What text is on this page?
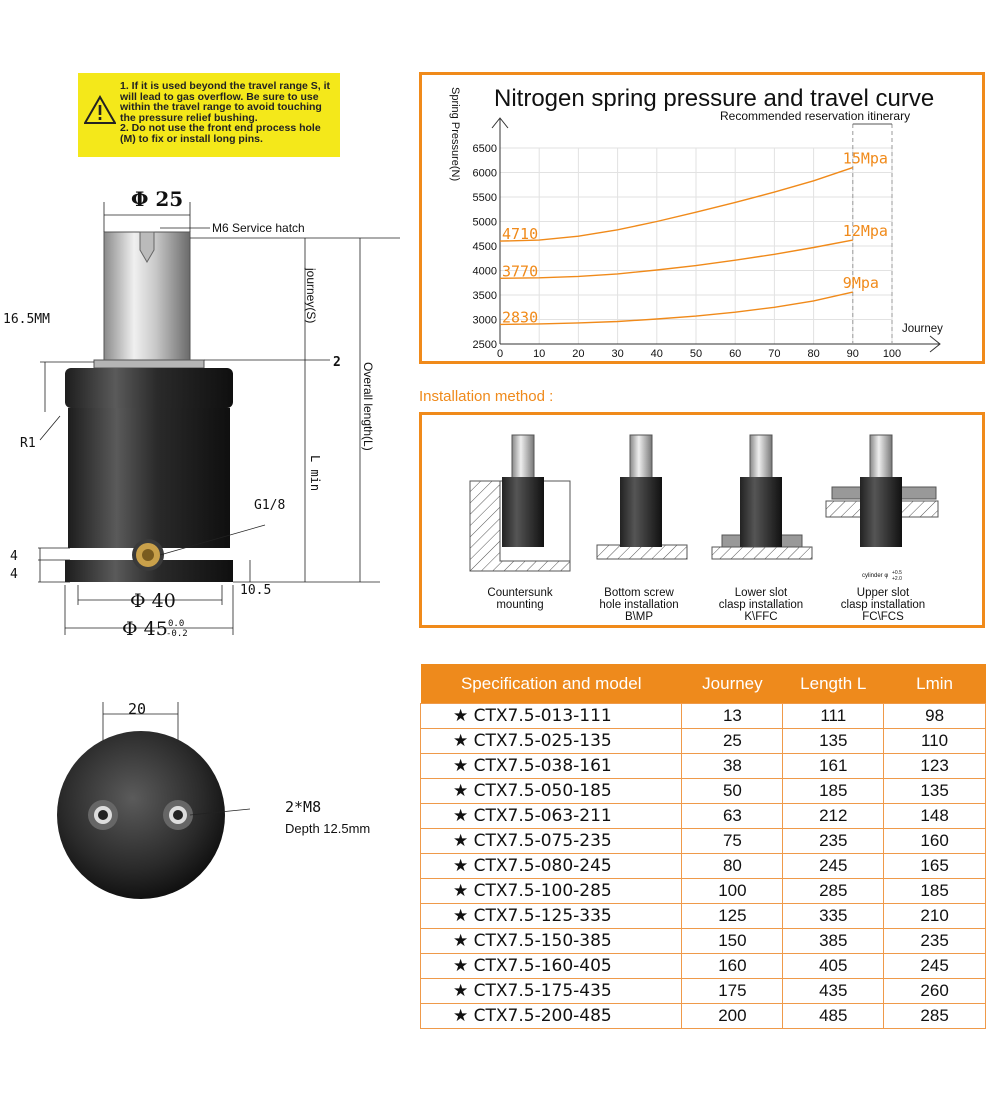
1. If it is used beyond the travel range S, it
will lead to gas overflow. Be sure to use
within the travel range to avoid touching
the pressure relief bushing.
2. Do not use the front end process hole
(M) to fix or install long pins.
Φ 25
M6 Service hatch
journey(S)
Overall length(L)
L min
16.5MM
R1
G1/8
2
4
4
10.5
Φ 40
Φ 45 0.0
-0.2
20
2*M8
Depth 12.5mm
Nitrogen spring pressure and travel curve
Recommended reservation itinerary
Spring Pressure(N)
Journey
0	10 20 30 40 50 60 70 80 90 100
2500
3000
3500
4000
4500
5000
5500
6000
6500
4710
15Mpa
3770
12Mpa
2830
9Mpa
Installation method :
cylinder φ +0.5
+2.0
Countersunk
mounting
Bottom screw
hole installation
B\MP
Lower slot
clasp installation
K\FFC
Upper slot
clasp installation
FC\FCS
Specification and model	Journey	Length L	Lmin
★ CTX7.5-013-111	13	111	98
★ CTX7.5-025-135	25	135	110
★ CTX7.5-038-161	38	161	123
★ CTX7.5-050-185	50	185	135
★ CTX7.5-063-211	63	212	148
★ CTX7.5-075-235	75	235	160
★ CTX7.5-080-245	80	245	165
★ CTX7.5-100-285	100	285	185
★ CTX7.5-125-335	125	335	210
★ CTX7.5-150-385	150	385	235
★ CTX7.5-160-405	160	405	245
★ CTX7.5-175-435	175	435	260
★ CTX7.5-200-485	200	485	285
